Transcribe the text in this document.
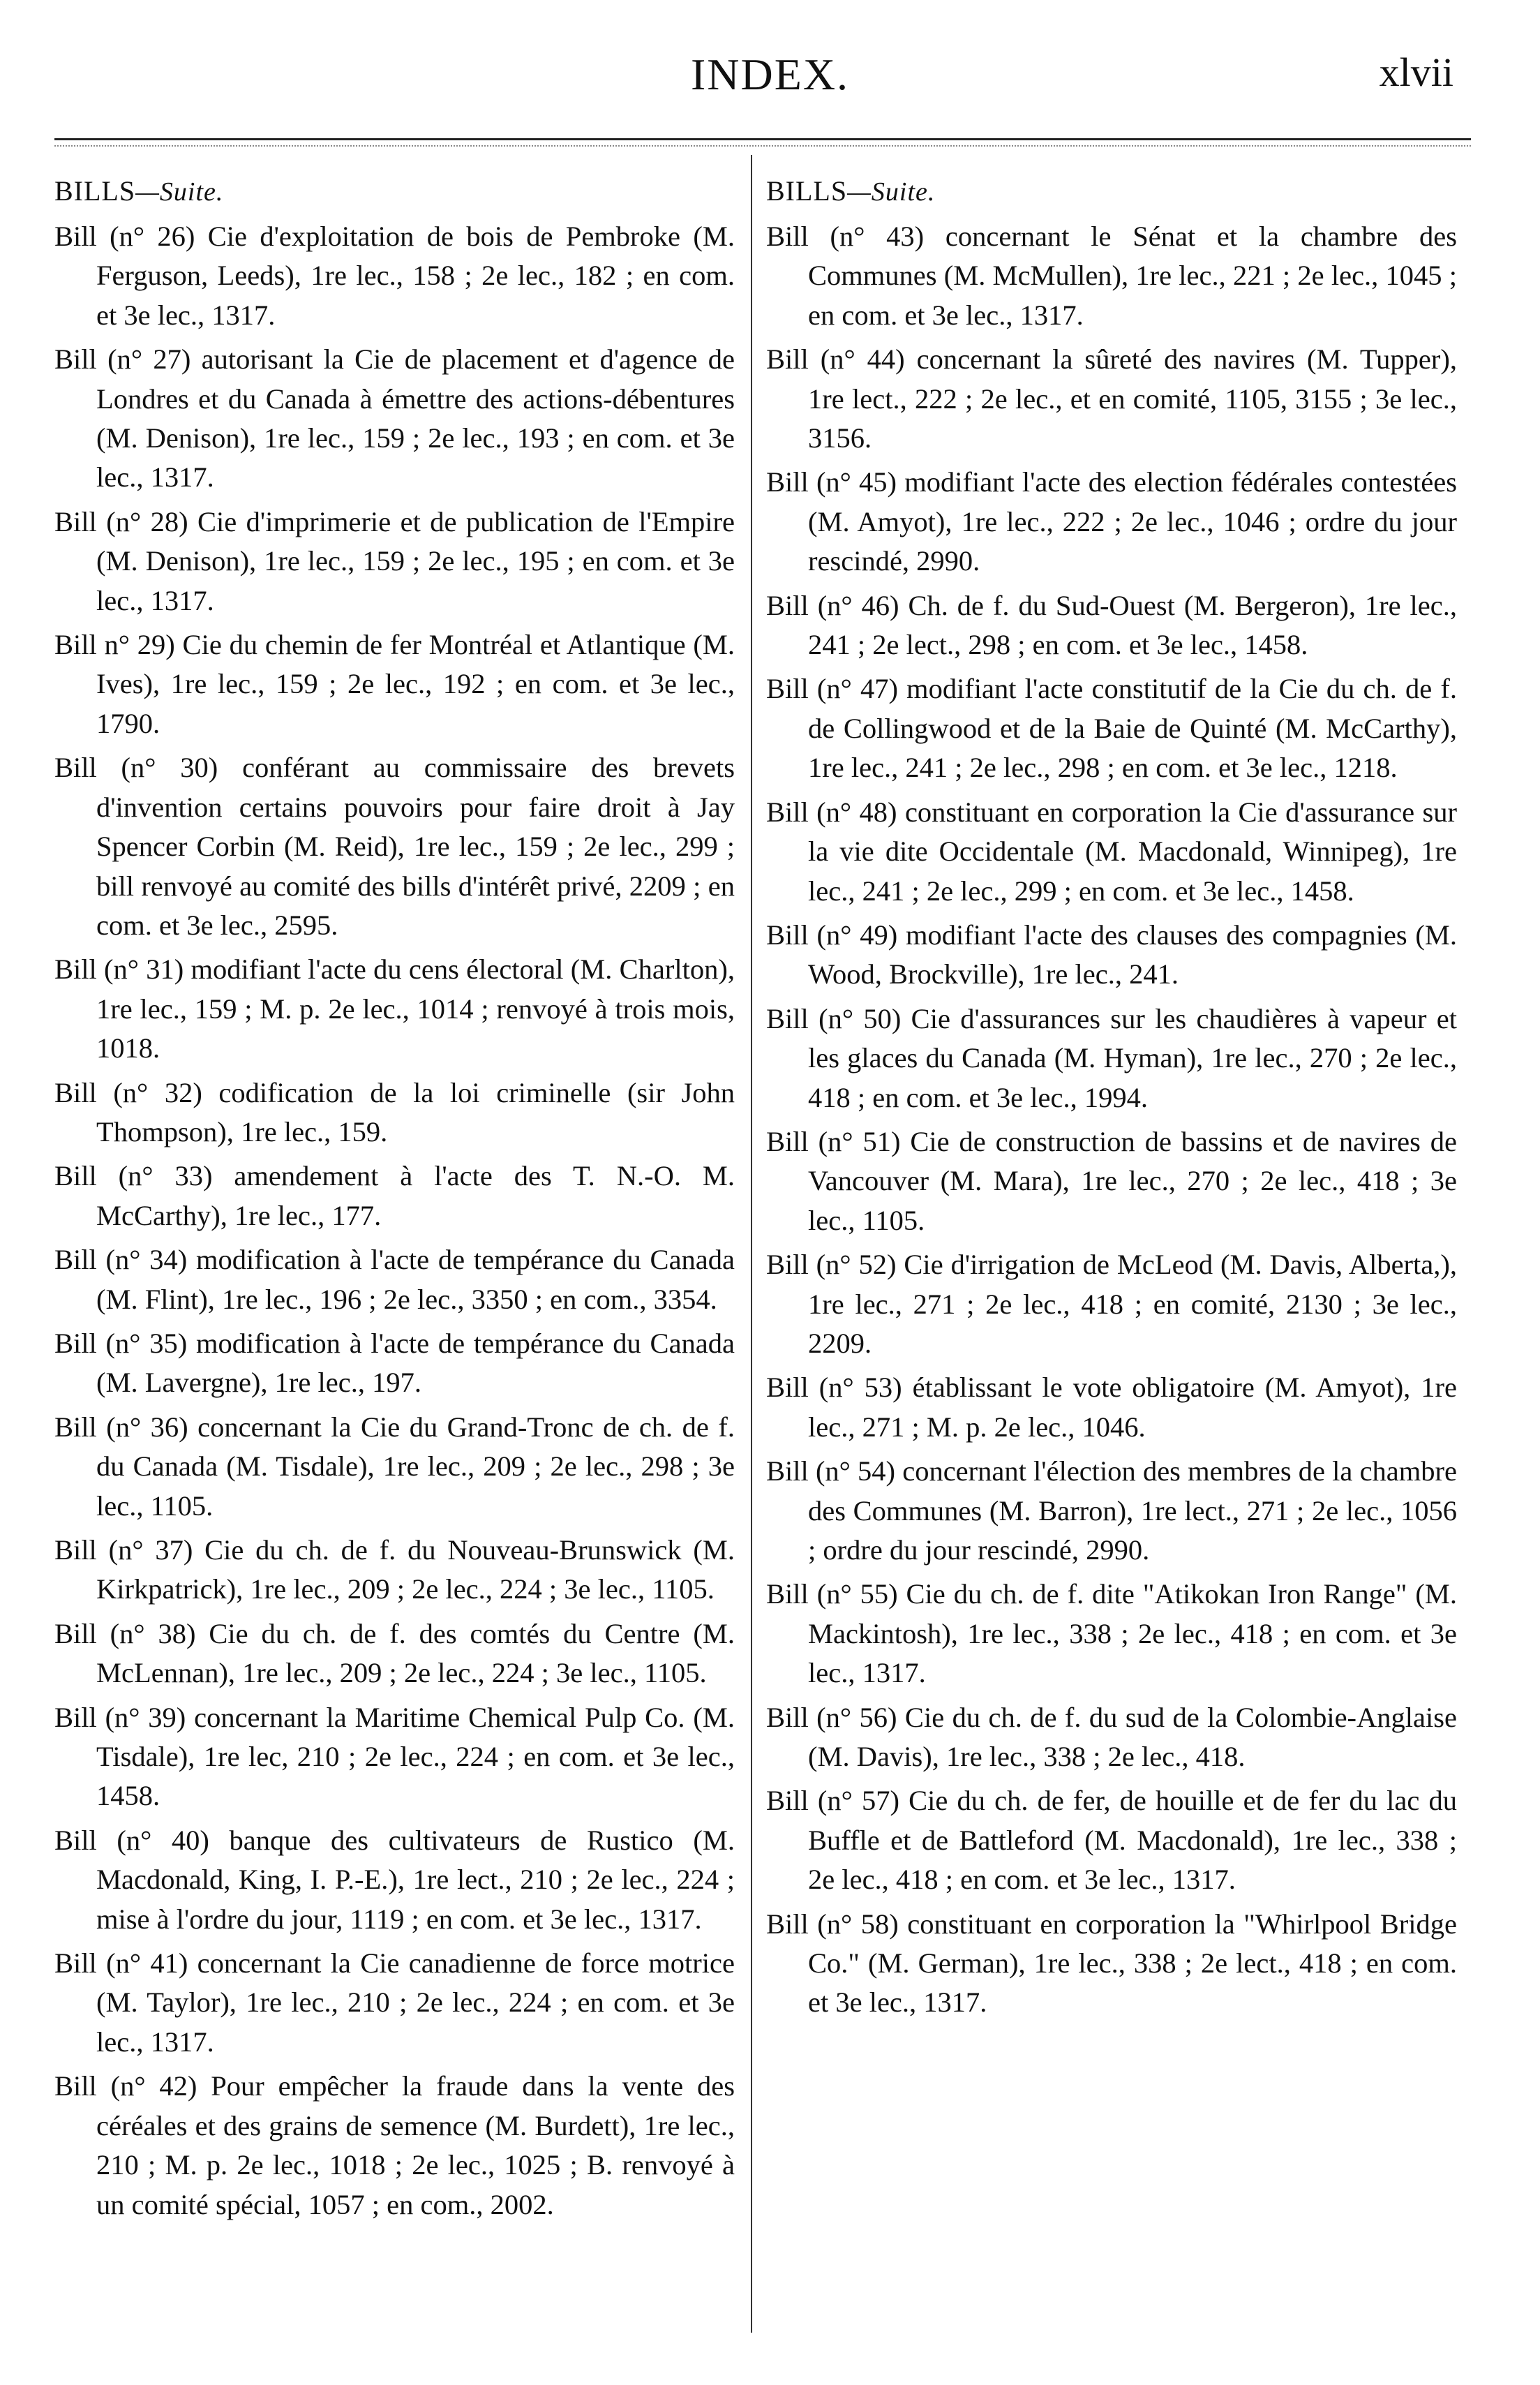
INDEX.	xlvii
BILLS—Suite.
Bill (n° 26) Cie d'exploitation de bois de Pembroke (M. Ferguson, Leeds), 1re lec., 158 ; 2e lec., 182 ; en com. et 3e lec., 1317.
Bill (n° 27) autorisant la Cie de placement et d'agence de Londres et du Canada à émettre des actions-débentures (M. Denison), 1re lec., 159 ; 2e lec., 193 ; en com. et 3e lec., 1317.
Bill (n° 28) Cie d'imprimerie et de publication de l'Empire (M. Denison), 1re lec., 159 ; 2e lec., 195 ; en com. et 3e lec., 1317.
Bill n° 29) Cie du chemin de fer Montréal et Atlantique (M. Ives), 1re lec., 159 ; 2e lec., 192 ; en com. et 3e lec., 1790.
Bill (n° 30) conférant au commissaire des brevets d'invention certains pouvoirs pour faire droit à Jay Spencer Corbin (M. Reid), 1re lec., 159 ; 2e lec., 299 ; bill renvoyé au comité des bills d'intérêt privé, 2209 ; en com. et 3e lec., 2595.
Bill (n° 31) modifiant l'acte du cens électoral (M. Charlton), 1re lec., 159 ; M. p. 2e lec., 1014 ; renvoyé à trois mois, 1018.
Bill (n° 32) codification de la loi criminelle (sir John Thompson), 1re lec., 159.
Bill (n° 33) amendement à l'acte des T. N.-O. M. McCarthy), 1re lec., 177.
Bill (n° 34) modification à l'acte de tempérance du Canada (M. Flint), 1re lec., 196 ; 2e lec., 3350 ; en com., 3354.
Bill (n° 35) modification à l'acte de tempérance du Canada (M. Lavergne), 1re lec., 197.
Bill (n° 36) concernant la Cie du Grand-Tronc de ch. de f. du Canada (M. Tisdale), 1re lec., 209 ; 2e lec., 298 ; 3e lec., 1105.
Bill (n° 37) Cie du ch. de f. du Nouveau-Brunswick (M. Kirkpatrick), 1re lec., 209 ; 2e lec., 224 ; 3e lec., 1105.
Bill (n° 38) Cie du ch. de f. des comtés du Centre (M. McLennan), 1re lec., 209 ; 2e lec., 224 ; 3e lec., 1105.
Bill (n° 39) concernant la Maritime Chemical Pulp Co. (M. Tisdale), 1re lec, 210 ; 2e lec., 224 ; en com. et 3e lec., 1458.
Bill (n° 40) banque des cultivateurs de Rustico (M. Macdonald, King, I. P.-E.), 1re lect., 210 ; 2e lec., 224 ; mise à l'ordre du jour, 1119 ; en com. et 3e lec., 1317.
Bill (n° 41) concernant la Cie canadienne de force motrice (M. Taylor), 1re lec., 210 ; 2e lec., 224 ; en com. et 3e lec., 1317.
Bill (n° 42) Pour empêcher la fraude dans la vente des céréales et des grains de semence (M. Burdett), 1re lec., 210 ; M. p. 2e lec., 1018 ; 2e lec., 1025 ; B. renvoyé à un comité spécial, 1057 ; en com., 2002.
BILLS—Suite.
Bill (n° 43) concernant le Sénat et la chambre des Communes (M. McMullen), 1re lec., 221 ; 2e lec., 1045 ; en com. et 3e lec., 1317.
Bill (n° 44) concernant la sûreté des navires (M. Tupper), 1re lect., 222 ; 2e lec., et en comité, 1105, 3155 ; 3e lec., 3156.
Bill (n° 45) modifiant l'acte des election fédérales contestées (M. Amyot), 1re lec., 222 ; 2e lec., 1046 ; ordre du jour rescindé, 2990.
Bill (n° 46) Ch. de f. du Sud-Ouest (M. Bergeron), 1re lec., 241 ; 2e lect., 298 ; en com. et 3e lec., 1458.
Bill (n° 47) modifiant l'acte constitutif de la Cie du ch. de f. de Collingwood et de la Baie de Quinté (M. McCarthy), 1re lec., 241 ; 2e lec., 298 ; en com. et 3e lec., 1218.
Bill (n° 48) constituant en corporation la Cie d'assurance sur la vie dite Occidentale (M. Macdonald, Winnipeg), 1re lec., 241 ; 2e lec., 299 ; en com. et 3e lec., 1458.
Bill (n° 49) modifiant l'acte des clauses des compagnies (M. Wood, Brockville), 1re lec., 241.
Bill (n° 50) Cie d'assurances sur les chaudières à vapeur et les glaces du Canada (M. Hyman), 1re lec., 270 ; 2e lec., 418 ; en com. et 3e lec., 1994.
Bill (n° 51) Cie de construction de bassins et de navires de Vancouver (M. Mara), 1re lec., 270 ; 2e lec., 418 ; 3e lec., 1105.
Bill (n° 52) Cie d'irrigation de McLeod (M. Davis, Alberta,), 1re lec., 271 ; 2e lec., 418 ; en comité, 2130 ; 3e lec., 2209.
Bill (n° 53) établissant le vote obligatoire (M. Amyot), 1re lec., 271 ; M. p. 2e lec., 1046.
Bill (n° 54) concernant l'élection des membres de la chambre des Communes (M. Barron), 1re lect., 271 ; 2e lec., 1056 ; ordre du jour rescindé, 2990.
Bill (n° 55) Cie du ch. de f. dite "Atikokan Iron Range" (M. Mackintosh), 1re lec., 338 ; 2e lec., 418 ; en com. et 3e lec., 1317.
Bill (n° 56) Cie du ch. de f. du sud de la Colombie-Anglaise (M. Davis), 1re lec., 338 ; 2e lec., 418.
Bill (n° 57) Cie du ch. de fer, de houille et de fer du lac du Buffle et de Battleford (M. Macdonald), 1re lec., 338 ; 2e lec., 418 ; en com. et 3e lec., 1317.
Bill (n° 58) constituant en corporation la "Whirlpool Bridge Co." (M. German), 1re lec., 338 ; 2e lect., 418 ; en com. et 3e lec., 1317.
